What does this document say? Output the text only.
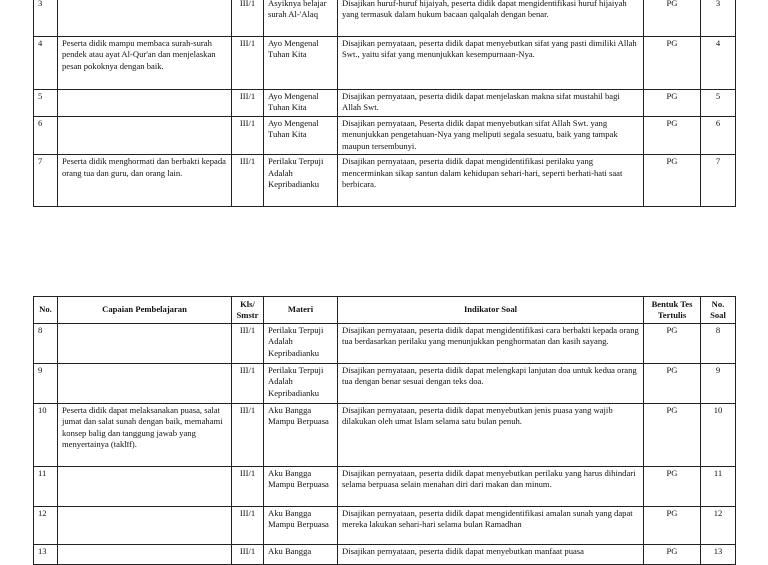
3		III/1	Asyiknya belajar surah Al-'Alaq	Disajikan huruf-huruf hijaiyah, peserta didik dapat mengidentifikasi huruf hijaiyah yang termasuk dalam hukum bacaan qalqalah dengan benar.	PG	3
4	Peserta didik mampu membaca surah-surah pendek atau ayat Al-Qur'an dan menjelaskan pesan pokoknya dengan baik.	III/1	Ayo Mengenal Tuhan Kita	Disajikan pernyataan, peserta didik dapat menyebutkan sifat yang pasti dimiliki Allah Swt., yaitu sifat yang menunjukkan kesempurnaan-Nya.	PG	4
5		III/1	Ayo Mengenal Tuhan Kita	Disajikan pernyataan, peserta didik dapat menjelaskan makna sifat mustahil bagi Allah Swt.	PG	5
6		III/1	Ayo Mengenal Tuhan Kita	Disajikan pernyataan, Peserta didik dapat menyebutkan sifat Allah Swt. yang menunjukkan pengetahuan-Nya yang meliputi segala sesuatu, baik yang tampak maupun tersembunyi.	PG	6
7	Peserta didik menghormati dan berbakti kepada orang tua dan guru, dan orang lain.	III/1	Perilaku Terpuji Adalah Kepribadianku	Disajikan pernyataan, peserta didik dapat mengidentifikasi perilaku yang mencerminkan sikap santun dalam kehidupan sehari-hari, seperti berhati-hati saat berbicara.	PG	7
No.	Capaian Pembelajaran	Kls/ Smstr	Materi	Indikator Soal	Bentuk Tes Tertulis	No. Soal
8		III/1	Perilaku Terpuji Adalah Kepribadianku	Disajikan pernyataan, peserta didik dapat mengidentifikasi cara berbakti kepada orang tua berdasarkan perilaku yang menunjukkan penghormatan dan kasih sayang.	PG	8
9		III/1	Perilaku Terpuji Adalah Kepribadianku	Disajikan pernyataan, peserta didik dapat melengkapi lanjutan doa untuk kedua orang tua dengan benar sesuai dengan teks doa.	PG	9
10	Peserta didik dapat melaksanakan puasa, salat jumat dan salat sunah dengan baik, memahami konsep balig dan tanggung jawab yang menyertainya (taklīf).	III/1	Aku Bangga Mampu Berpuasa	Disajikan pernyataan, peserta didik dapat menyebutkan jenis puasa yang wajib dilakukan oleh umat Islam selama satu bulan penuh.	PG	10
11		III/1	Aku Bangga Mampu Berpuasa	Disajikan pernyataan, peserta didik dapat menyebutkan perilaku yang harus dihindari selama berpuasa selain menahan diri dari makan dan minum.	PG	11
12		III/1	Aku Bangga Mampu Berpuasa	Disajikan pernyataan, peserta didik dapat mengidentifikasi amalan sunah yang dapat mereka lakukan sehari-hari selama bulan Ramadhan	PG	12
13		III/1	Aku Bangga	Disajikan pernyataan, peserta didik dapat menyebutkan manfaat puasa	PG	13
